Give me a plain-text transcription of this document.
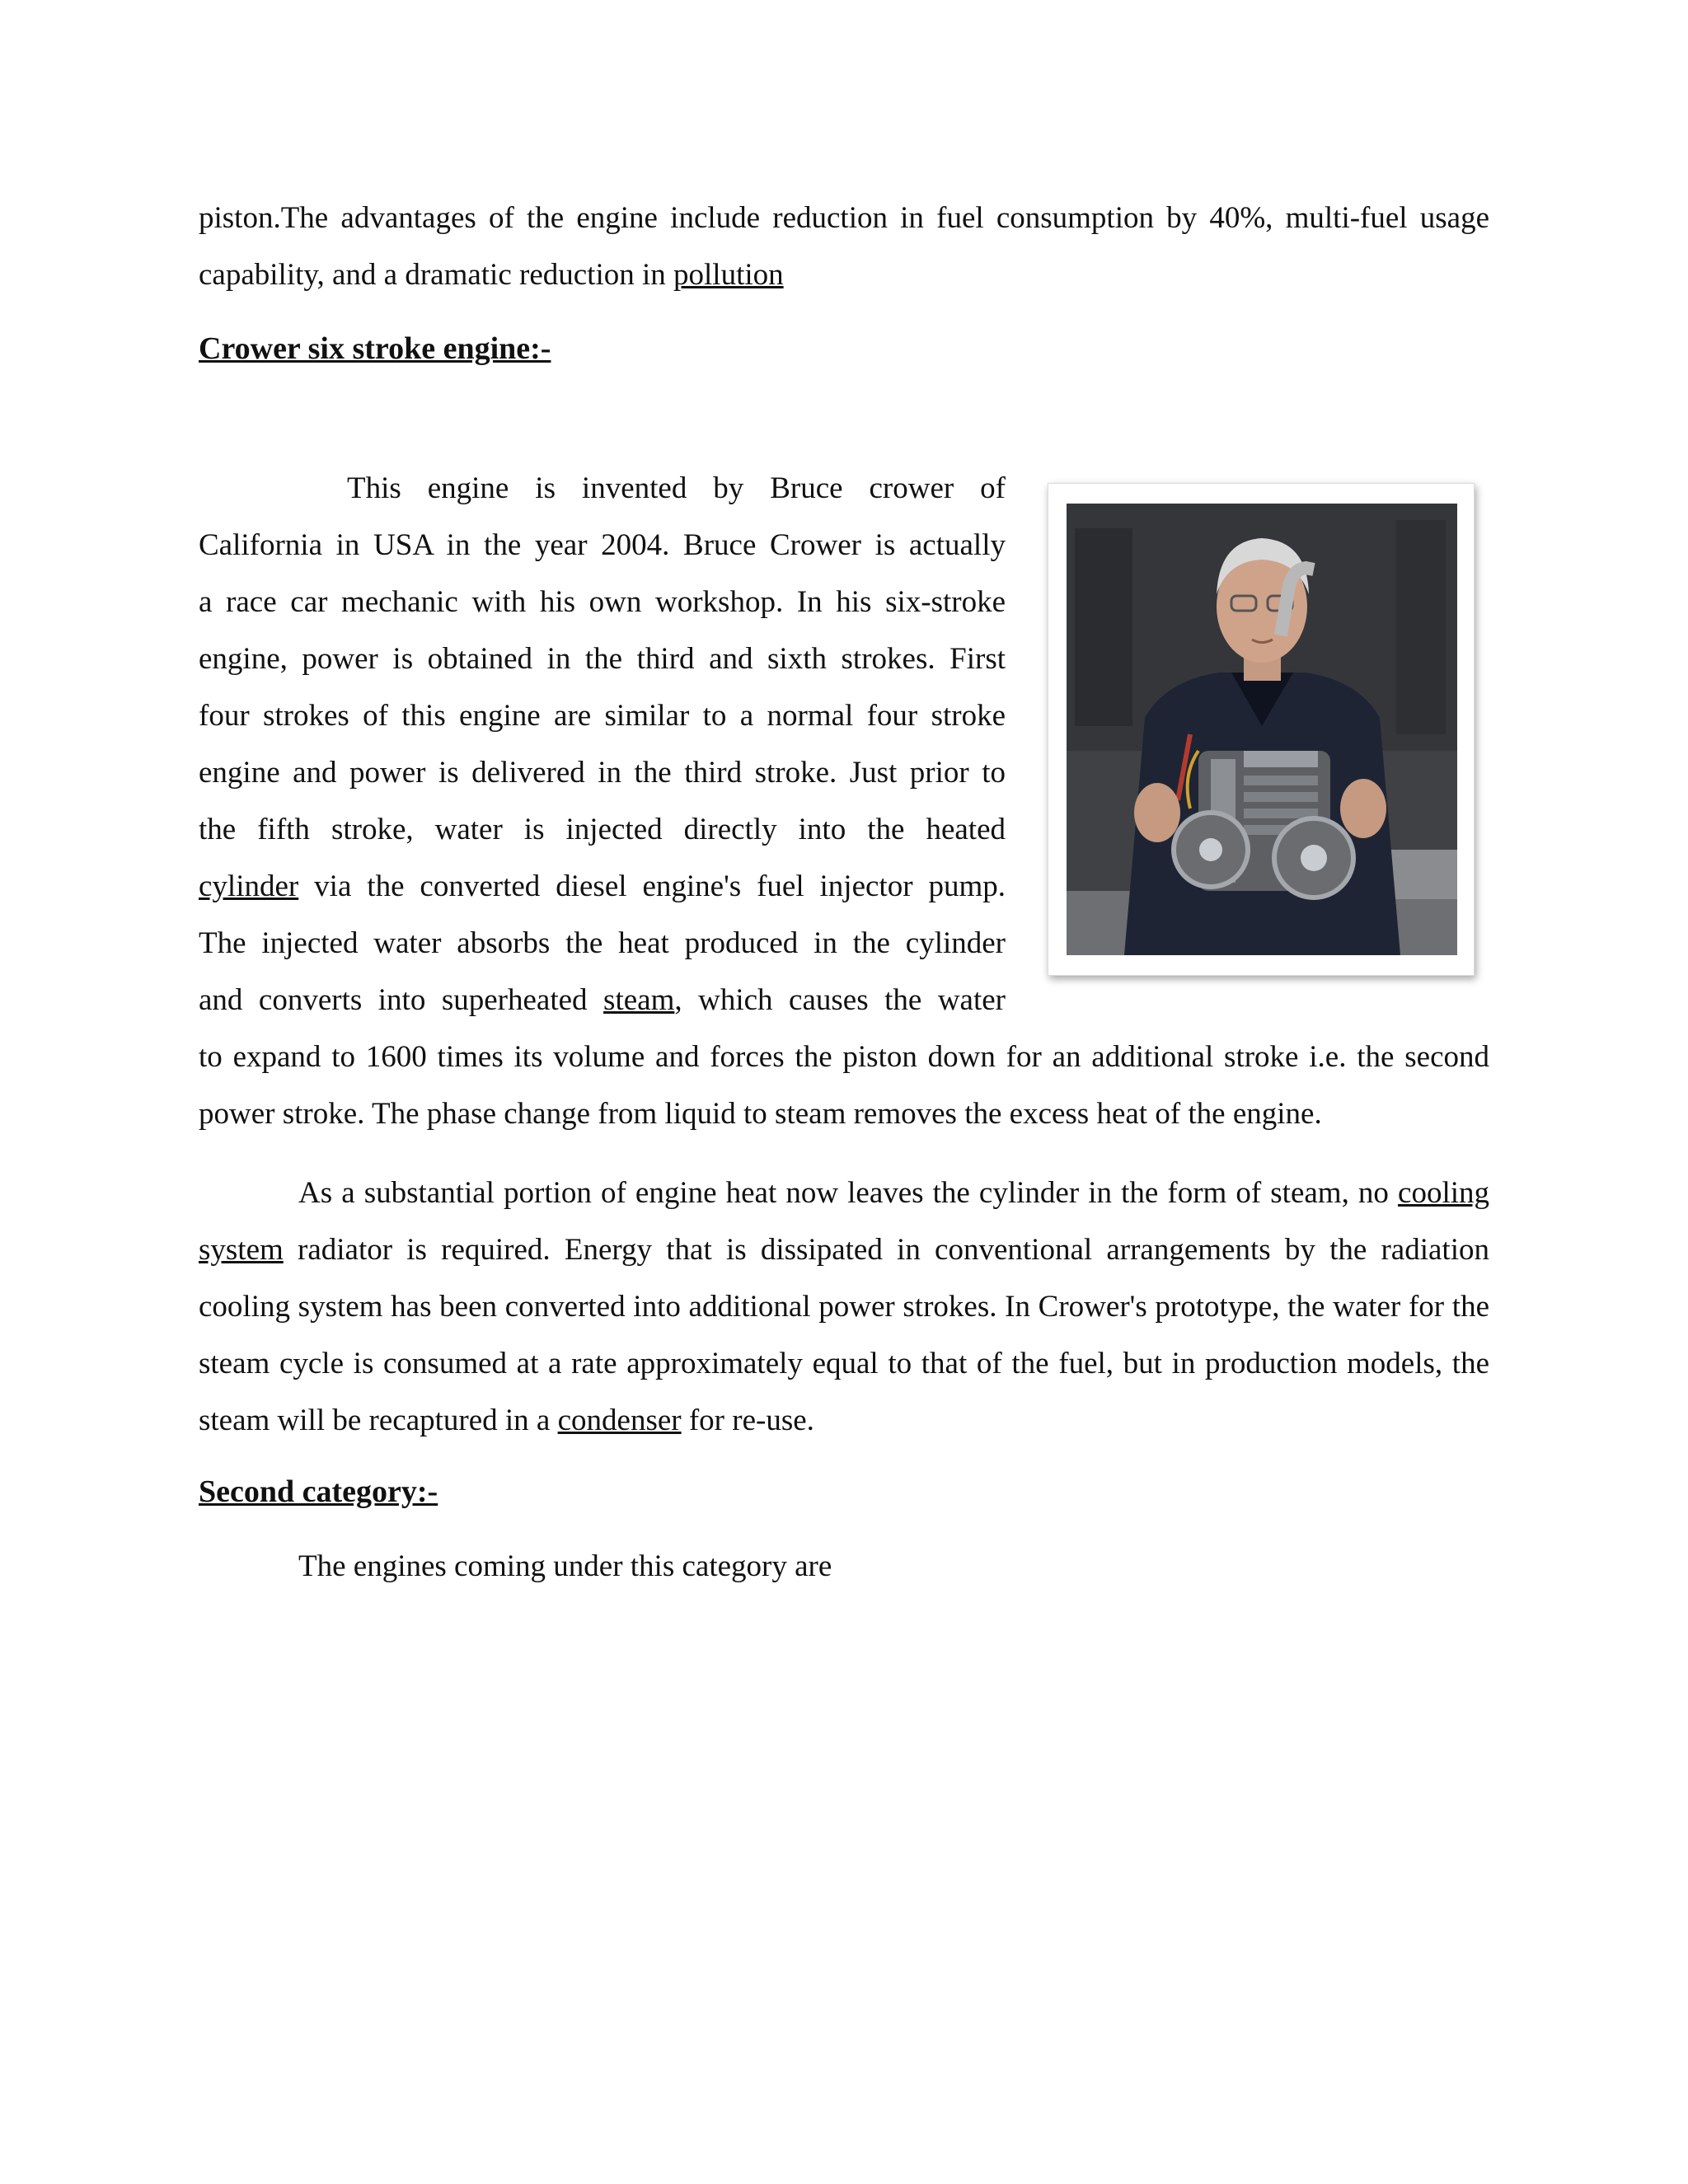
piston.The advantages of the engine include reduction in fuel consumption by 40%, multi-fuel usage capability, and a dramatic reduction in pollution

Crower six stroke engine:-
This engine is invented by Bruce crower of
California in USA in the year 2004. Bruce Crower is actually
a race car mechanic with his own workshop. In his six-stroke
engine, power is obtained in the third and sixth strokes. First
four strokes of this engine are similar to a normal four stroke
engine and power is delivered in the third stroke. Just prior to
the fifth stroke, water is injected directly into the heated
cylinder via the converted diesel engine's fuel injector pump.
The injected water absorbs the heat produced in the cylinder
and converts into superheated steam, which causes the water

to expand to 1600 times its volume and forces the piston down for an additional stroke i.e. the second power stroke. The phase change from liquid to steam removes the excess heat of the engine.

As a substantial portion of engine heat now leaves the cylinder in the form of steam, no cooling system radiator is required. Energy that is dissipated in conventional arrangements by the radiation cooling system has been converted into additional power strokes. In Crower's prototype, the water for the steam cycle is consumed at a rate approximately equal to that of the fuel, but in production models, the steam will be recaptured in a condenser for re-use.

Second category:-

The engines coming under this category are
